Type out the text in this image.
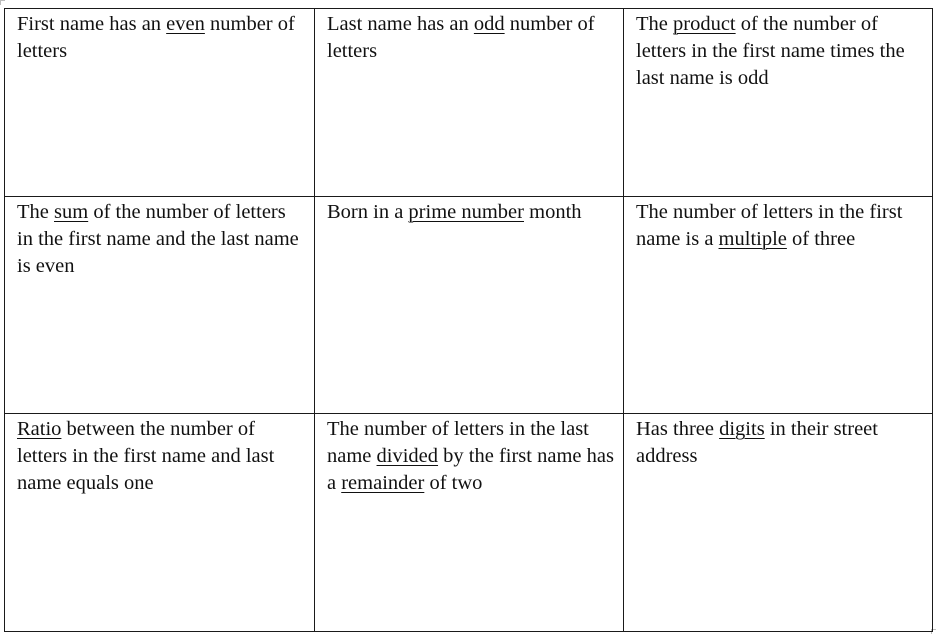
First name has an even number of letters	Last name has an odd number of letters	The product of the number of letters in the first name times the last name is odd
The sum of the number of letters in the first name and the last name is even	Born in a prime number month	The number of letters in the first name is a multiple of three
Ratio between the number of letters in the first name and last name equals one	The number of letters in the last name divided by the first name has a remainder of two	Has three digits in their street address
